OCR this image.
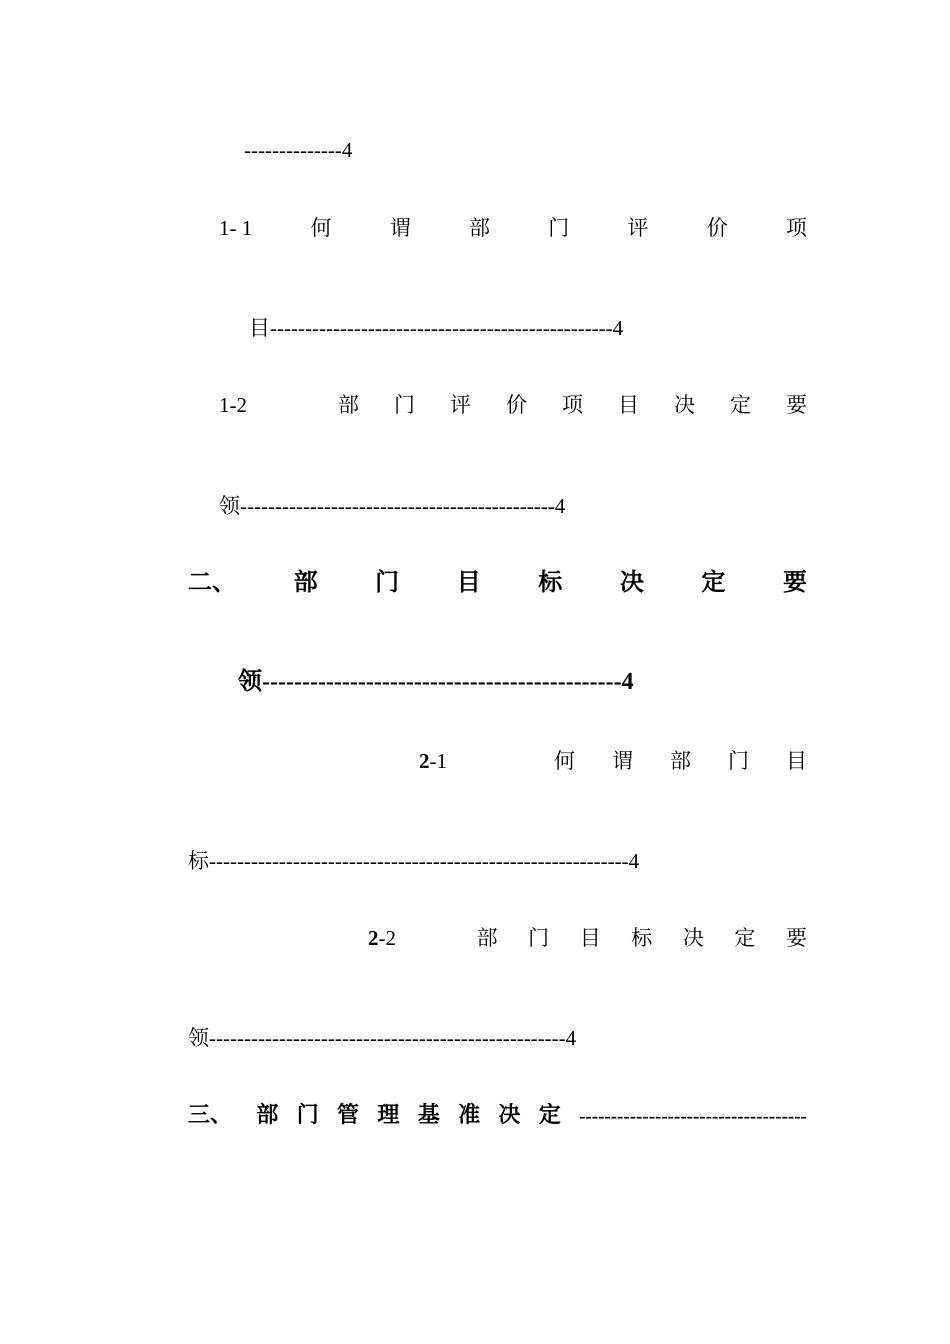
--------------4
1- 1	何	谓	部	门	评	价	项
目-------------------------------------------------4
1-2	部 门 评 价 项 目 决 定 要
领---------------------------------------------4
二、 部 门 目 标 决 定 要
领---------------------------------------------4
2-1	何 谓 部 门 目
标------------------------------------------------------------4
2-2	部 门 目 标 决 定 要
领---------------------------------------------------4
三、 部 门 管 理 基 准 决 定 ------------------------------------
